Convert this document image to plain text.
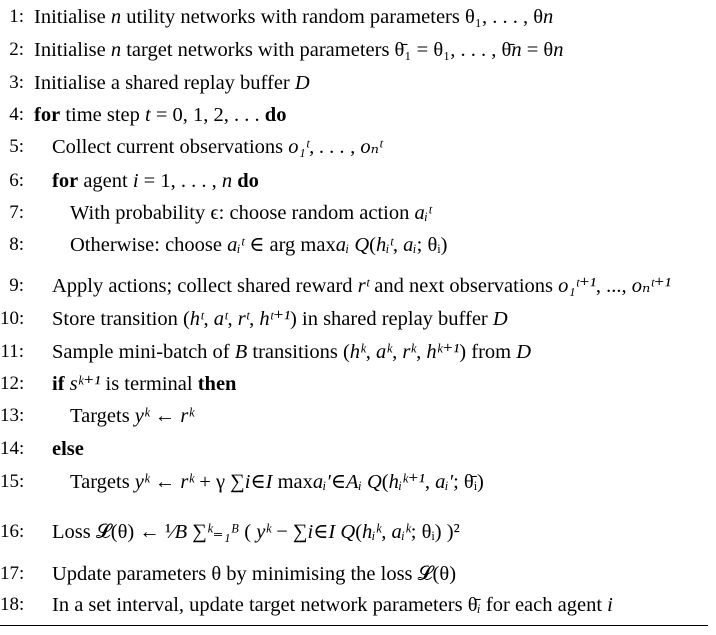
1: Initialise n utility networks with random parameters θ₁, . . . , θn
2: Initialise n target networks with parameters θ̄₁ = θ₁, . . . , θ̄n = θn
3: Initialise a shared replay buffer D
4: for time step t = 0, 1, 2, . . . do
5: Collect current observations o₁ᵗ, . . . , oₙᵗ
6: for agent i = 1, . . . , n do
7: With probability ϵ: choose random action aᵢᵗ
8: Otherwise: choose aᵢᵗ ∈ arg maxaᵢ Q(hᵢᵗ, aᵢ; θᵢ)
9: Apply actions; collect shared reward rᵗ and next observations o₁ᵗ⁺¹, ..., oₙᵗ⁺¹
10: Store transition (hᵗ, aᵗ, rᵗ, hᵗ⁺¹) in shared replay buffer D
11: Sample mini-batch of B transitions (hᵏ, aᵏ, rᵏ, hᵏ⁺¹) from D
12: if sᵏ⁺¹ is terminal then
13: Targets yᵏ ← rᵏ
14: else
15: Targets yᵏ ← rᵏ + γ ∑i∈I maxaᵢ′∈Aᵢ Q(hᵢᵏ⁺¹, aᵢ′; θ̄ᵢ)
16: Loss 𝓛(θ) ← ¹⁄B ∑ᵏ₌₁ᴮ ( yᵏ − ∑i∈I Q(hᵢᵏ, aᵢᵏ; θᵢ) )²
17: Update parameters θ by minimising the loss 𝓛(θ)
18: In a set interval, update target network parameters θ̄ᵢ for each agent i
